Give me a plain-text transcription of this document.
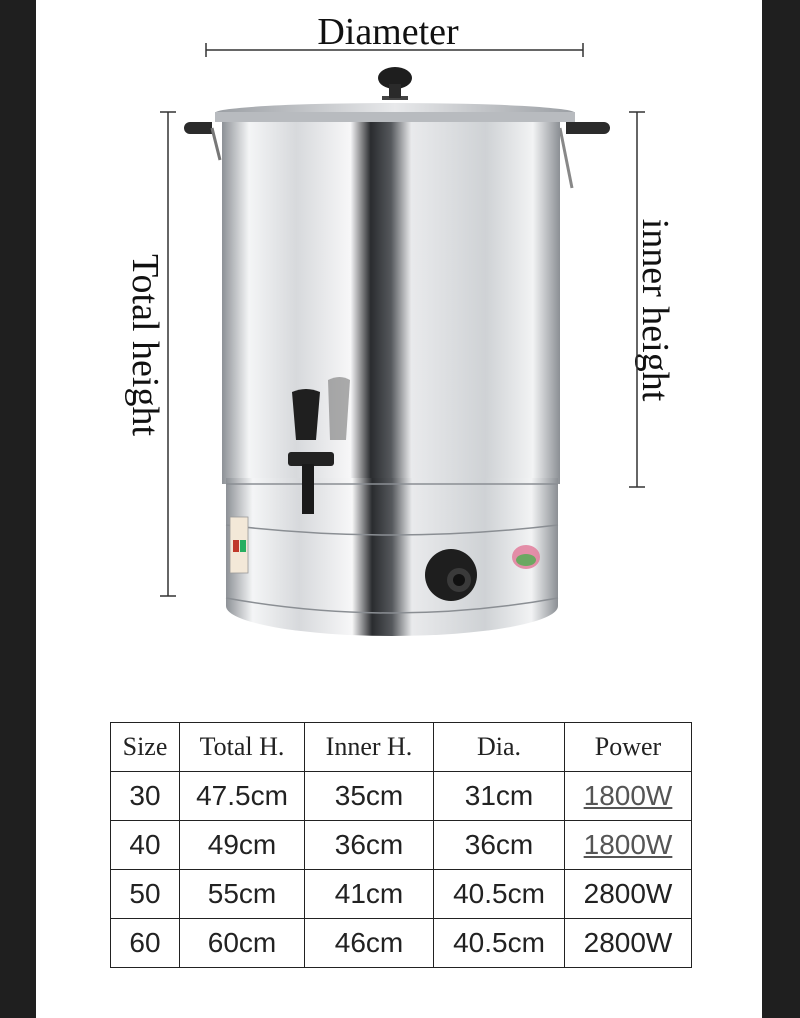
Diameter
Total height	inner height
Size	Total H.	Inner H.	Dia.	Power
30	47.5cm	35cm	31cm	1800W
40	49cm	36cm	36cm	1800W
50	55cm	41cm	40.5cm	2800W
60	60cm	46cm	40.5cm	2800W
